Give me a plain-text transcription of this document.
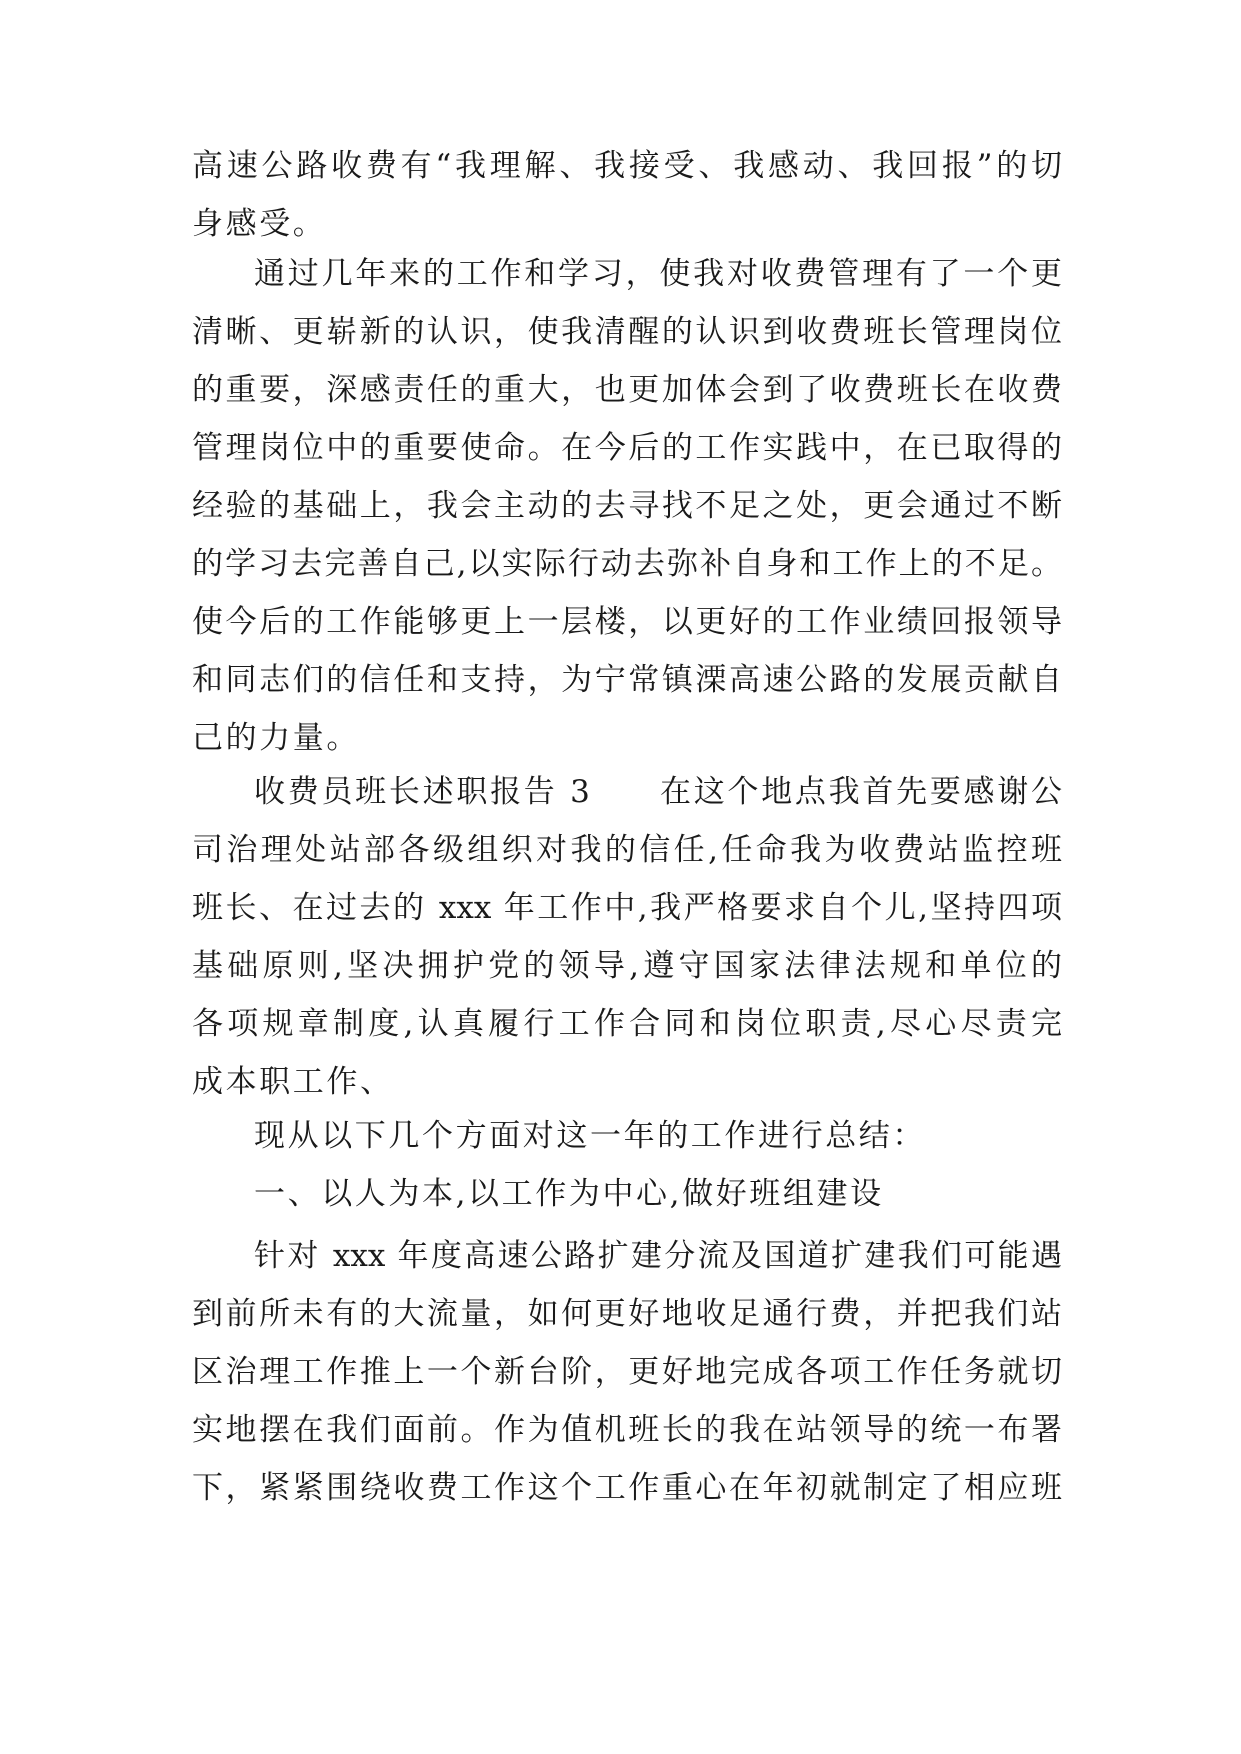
高速公路收费有“我理解、我接受、我感动、我回报”的切
身感受。
通过几年来的工作和学习，使我对收费管理有了一个更
清晰、更崭新的认识，使我清醒的认识到收费班长管理岗位
的重要，深感责任的重大，也更加体会到了收费班长在收费
管理岗位中的重要使命。在今后的工作实践中，在已取得的
经验的基础上，我会主动的去寻找不足之处，更会通过不断
的学习去完善自己,以实际行动去弥补自身和工作上的不足。
使今后的工作能够更上一层楼，以更好的工作业绩回报领导
和同志们的信任和支持，为宁常镇溧高速公路的发展贡献自
己的力量。
收费员班长述职报告 3　　在这个地点我首先要感谢公
司治理处站部各级组织对我的信任,任命我为收费站监控班
班长、在过去的 xxx 年工作中,我严格要求自个儿,坚持四项
基础原则,坚决拥护党的领导,遵守国家法律法规和单位的
各项规章制度,认真履行工作合同和岗位职责,尽心尽责完
成本职工作、
现从以下几个方面对这一年的工作进行总结：
一、以人为本,以工作为中心,做好班组建设
针对 xxx 年度高速公路扩建分流及国道扩建我们可能遇
到前所未有的大流量，如何更好地收足通行费，并把我们站
区治理工作推上一个新台阶，更好地完成各项工作任务就切
实地摆在我们面前。作为值机班长的我在站领导的统一布署
下，紧紧围绕收费工作这个工作重心在年初就制定了相应班
